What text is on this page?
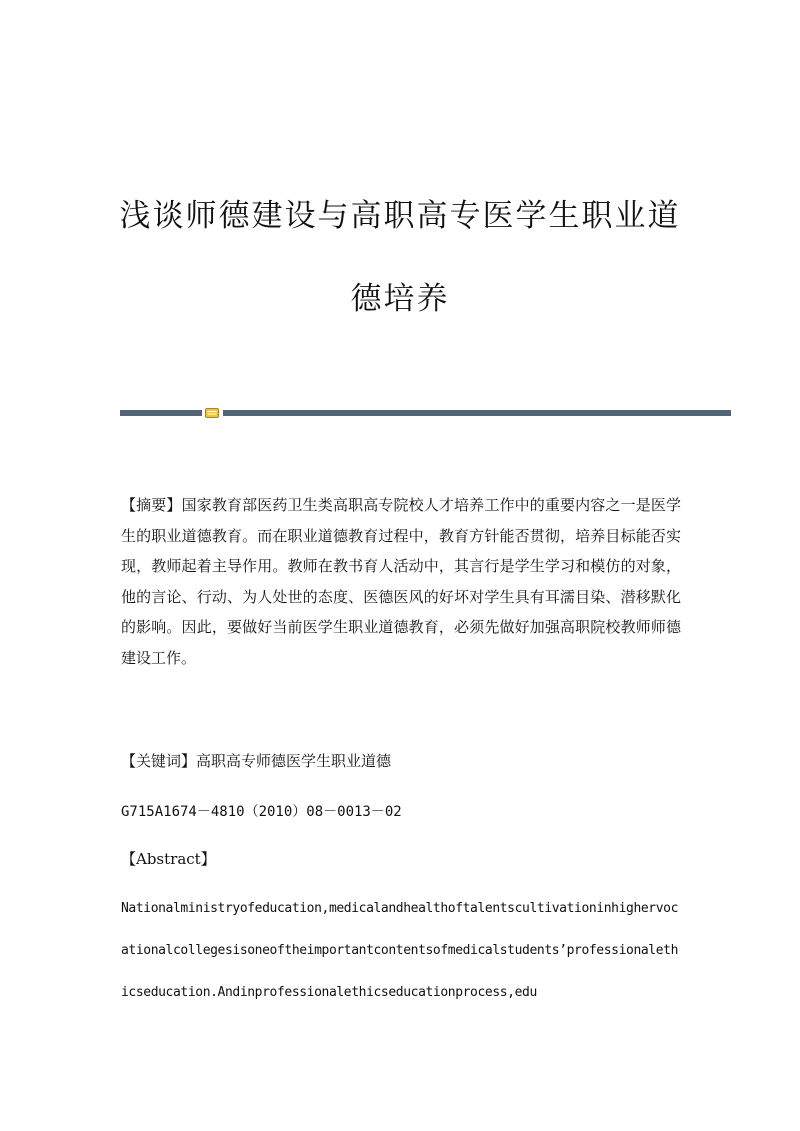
浅谈师德建设与高职高专医学生职业道
德培养
【摘要】国家教育部医药卫生类高职高专院校人才培养工作中的重要内容之一是医学生的职业道德教育。而在职业道德教育过程中，教育方针能否贯彻，培养目标能否实现，教师起着主导作用。教师在教书育人活动中，其言行是学生学习和模仿的对象，他的言论、行动、为人处世的态度、医德医风的好坏对学生具有耳濡目染、潜移默化的影响。因此，要做好当前医学生职业道德教育，必须先做好加强高职院校教师师德建设工作。
【关键词】高职高专师德医学生职业道德
G715A1674－4810（2010）08－0013－02
【Abstract】
Nationalministryofeducation,medicalandhealthoftalentscultivationinhighervocationalcollegesisoneoftheimportantcontentsofmedicalstudents’professionalethicseducation.Andinprofessionalethicseducationprocess,edu
